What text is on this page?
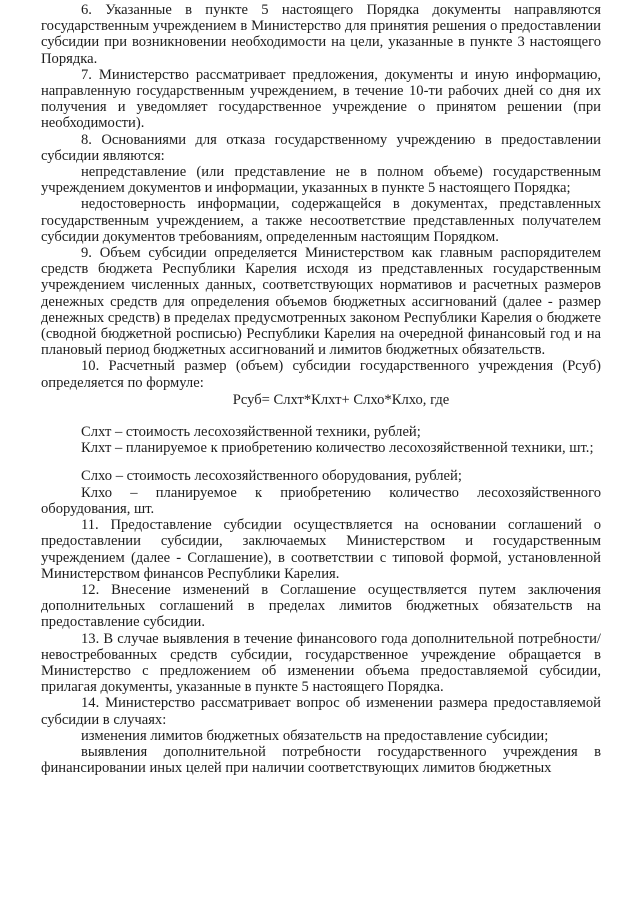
6. Указанные в пункте 5 настоящего Порядка документы направляются государственным учреждением в Министерство для принятия решения о предоставлении субсидии при возникновении необходимости на цели, указанные в пункте 3 настоящего Порядка.

7. Министерство рассматривает предложения, документы и иную информацию, направленную государственным учреждением, в течение 10-ти рабочих дней со дня их получения и уведомляет государственное учреждение о принятом решении (при необходимости).

8. Основаниями для отказа государственному учреждению в предоставлении субсидии являются:

непредставление (или представление не в полном объеме) государственным учреждением документов и информации, указанных в пункте 5 настоящего Порядка;

недостоверность информации, содержащейся в документах, представленных государственным учреждением, а также несоответствие представленных получателем субсидии документов требованиям, определенным настоящим Порядком.

9. Объем субсидии определяется Министерством как главным распорядителем средств бюджета Республики Карелия исходя из представленных государственным учреждением численных данных, соответствующих нормативов и расчетных размеров денежных средств для определения объемов бюджетных ассигнований (далее - размер денежных средств) в пределах предусмотренных законом Республики Карелия о бюджете (сводной бюджетной росписью) Республики Карелия на очередной финансовый год и на плановый период бюджетных ассигнований и лимитов бюджетных обязательств.

10. Расчетный размер (объем) субсидии государственного учреждения (Рсуб) определяется по формуле:

Рсуб= Слхт*Клхт+ Слхо*Клхо, где

Слхт – стоимость лесохозяйственной техники, рублей;

Клхт – планируемое к приобретению количество лесохозяйственной техники, шт.;

Слхо – стоимость лесохозяйственного оборудования, рублей;

Клхо – планируемое к приобретению количество лесохозяйственного оборудования, шт.

11. Предоставление субсидии осуществляется на основании соглашений о предоставлении субсидии, заключаемых Министерством и государственным учреждением (далее - Соглашение), в соответствии с типовой формой, установленной Министерством финансов Республики Карелия.

12. Внесение изменений в Соглашение осуществляется путем заключения дополнительных соглашений в пределах лимитов бюджетных обязательств на предоставление субсидии.

13. В случае выявления в течение финансового года дополнительной потребности/невостребованных средств субсидии, государственное учреждение обращается в Министерство с предложением об изменении объема предоставляемой субсидии, прилагая документы, указанные в пункте 5 настоящего Порядка.

14. Министерство рассматривает вопрос об изменении размера предоставляемой субсидии в случаях:

изменения лимитов бюджетных обязательств на предоставление субсидии;

выявления дополнительной потребности государственного учреждения в финансировании иных целей при наличии соответствующих лимитов бюджетных
